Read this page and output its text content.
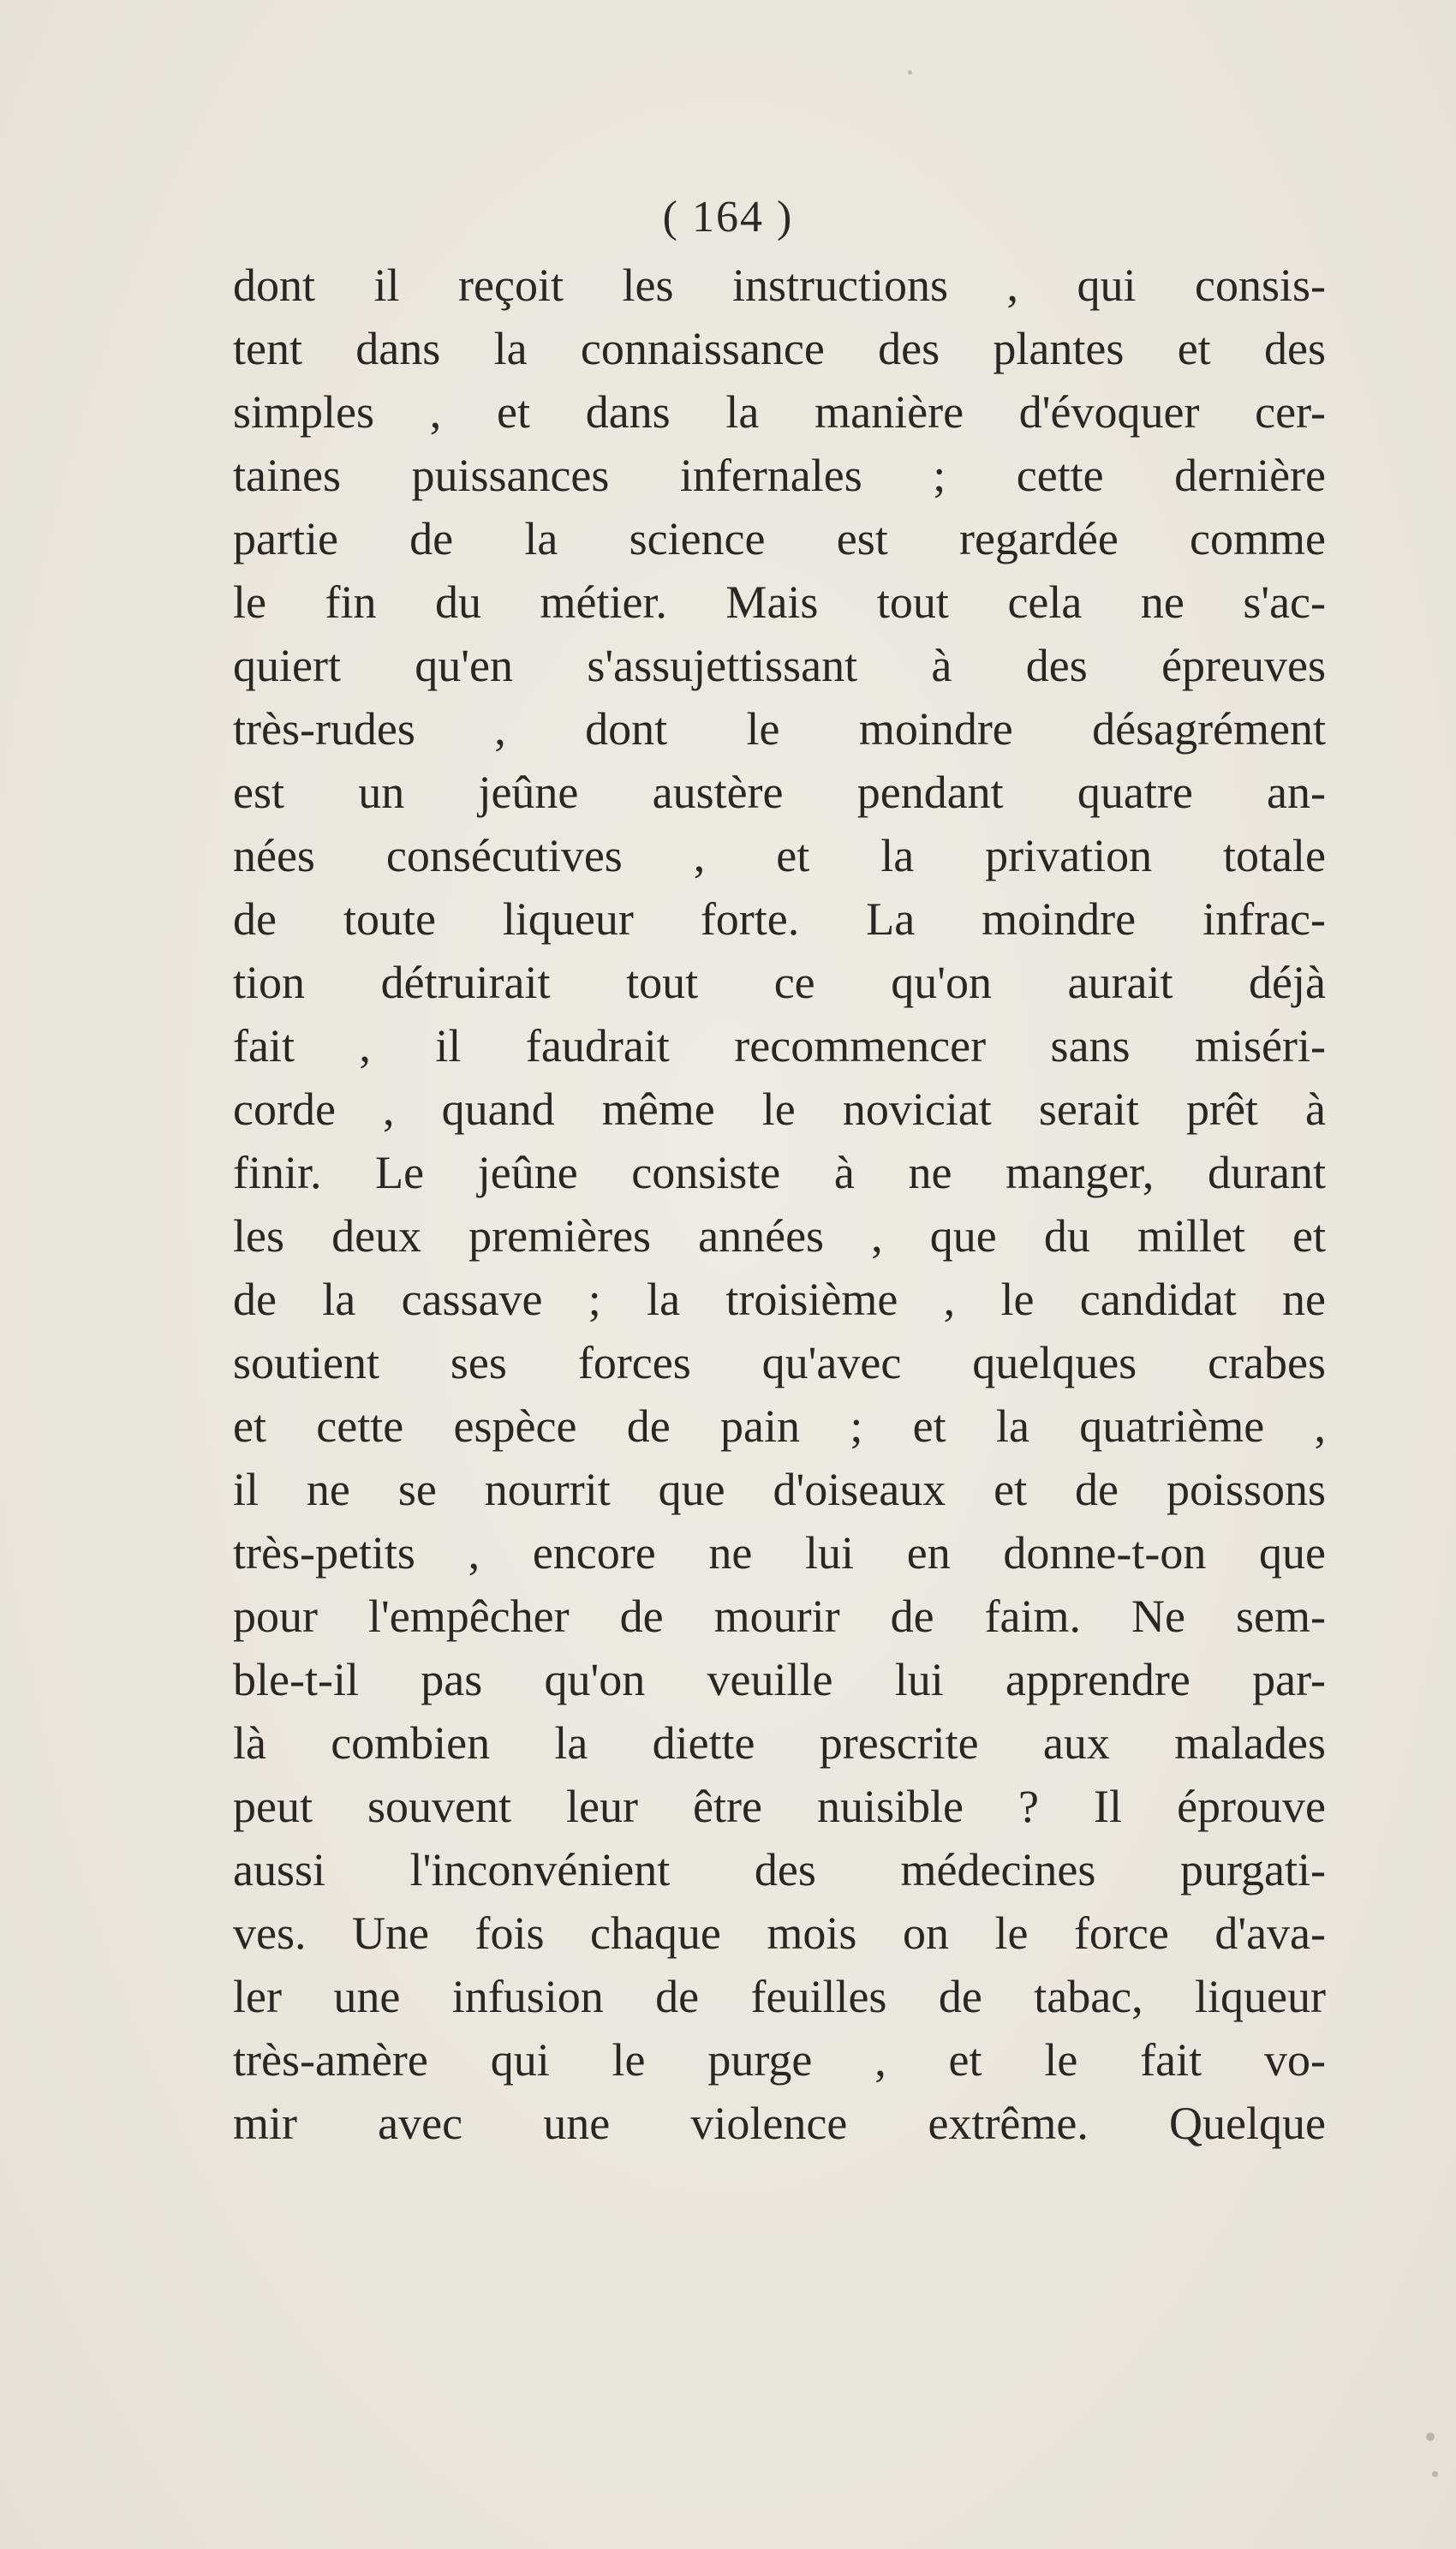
( 164 )
dont il reçoit les instructions , qui consis-
tent dans la connaissance des plantes et des
simples , et dans la manière d'évoquer cer-
taines puissances infernales ; cette dernière
partie de la science est regardée comme
le fin du métier. Mais tout cela ne s'ac-
quiert qu'en s'assujettissant à des épreuves
très-rudes , dont le moindre désagrément
est un jeûne austère pendant quatre an-
nées consécutives , et la privation totale
de toute liqueur forte. La moindre infrac-
tion détruirait tout ce qu'on aurait déjà
fait , il faudrait recommencer sans miséri-
corde , quand même le noviciat serait prêt à
finir. Le jeûne consiste à ne manger, durant
les deux premières années , que du millet et
de la cassave ; la troisième , le candidat ne
soutient ses forces qu'avec quelques crabes
et cette espèce de pain ; et la quatrième ,
il ne se nourrit que d'oiseaux et de poissons
très-petits , encore ne lui en donne-t-on que
pour l'empêcher de mourir de faim. Ne sem-
ble-t-il pas qu'on veuille lui apprendre par-
là combien la diette prescrite aux malades
peut souvent leur être nuisible ? Il éprouve
aussi l'inconvénient des médecines purgati-
ves. Une fois chaque mois on le force d'ava-
ler une infusion de feuilles de tabac, liqueur
très-amère qui le purge , et le fait vo-
mir avec une violence extrême. Quelque
